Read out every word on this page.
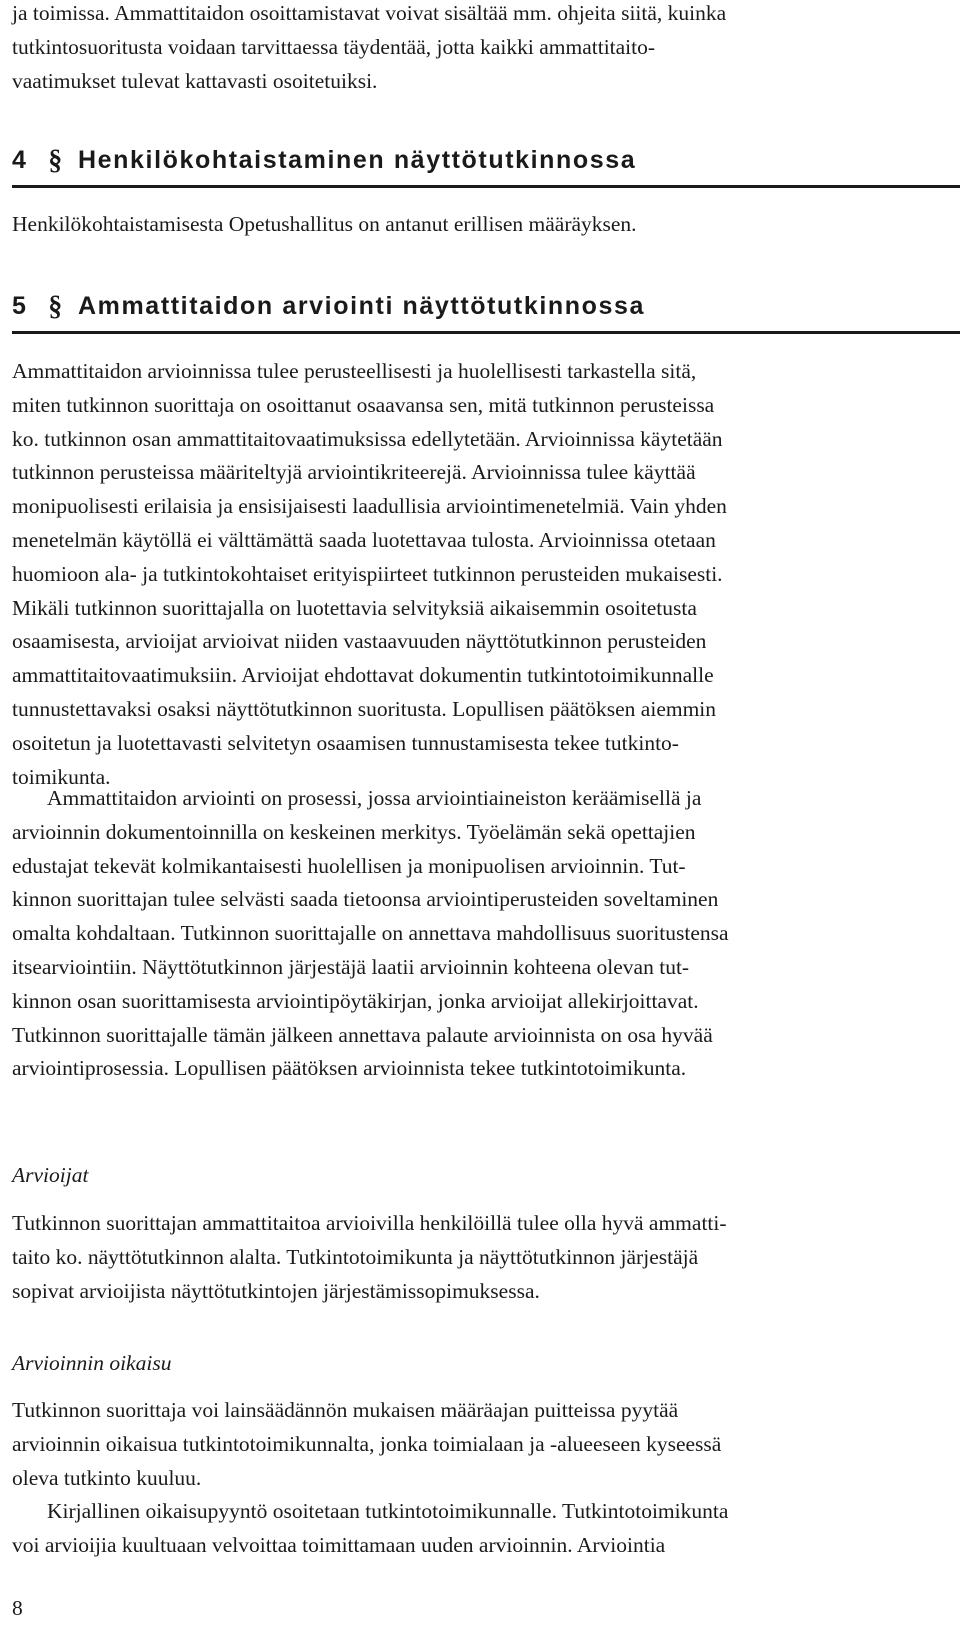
ja toimissa. Ammattitaidon osoittamistavat voivat sisältää mm. ohjeita siitä, kuinka
tutkintosuoritusta voidaan tarvittaessa täydentää, jotta kaikki ammattitaito-
vaatimukset tulevat kattavasti osoitetuiksi.
4 § Henkilökohtaistaminen näyttötutkinnossa
Henkilökohtaistamisesta Opetushallitus on antanut erillisen määräyksen.
5 § Ammattitaidon arviointi näyttötutkinnossa
Ammattitaidon arvioinnissa tulee perusteellisesti ja huolellisesti tarkastella sitä,
miten tutkinnon suorittaja on osoittanut osaavansa sen, mitä tutkinnon perusteissa
ko. tutkinnon osan ammattitaitovaatimuksissa edellytetään. Arvioinnissa käytetään
tutkinnon perusteissa määriteltyjä arviointikriteerejä. Arvioinnissa tulee käyttää
monipuolisesti erilaisia ja ensisijaisesti laadullisia arviointimenetelmiä. Vain yhden
menetelmän käytöllä ei välttämättä saada luotettavaa tulosta. Arvioinnissa otetaan
huomioon ala- ja tutkintokohtaiset erityispiirteet tutkinnon perusteiden mukaisesti.
Mikäli tutkinnon suorittajalla on luotettavia selvityksiä aikaisemmin osoitetusta
osaamisesta, arvioijat arvioivat niiden vastaavuuden näyttötutkinnon perusteiden
ammattitaitovaatimuksiin. Arvioijat ehdottavat dokumentin tutkintotoimikunnalle
tunnustettavaksi osaksi näyttötutkinnon suoritusta. Lopullisen päätöksen aiemmin
osoitetun ja luotettavasti selvitetyn osaamisen tunnustamisesta tekee tutkinto-
toimikunta.
Ammattitaidon arviointi on prosessi, jossa arviointiaineiston keräämisellä ja
arvioinnin dokumentoinnilla on keskeinen merkitys. Työelämän sekä opettajien
edustajat tekevät kolmikantaisesti huolellisen ja monipuolisen arvioinnin. Tut-
kinnon suorittajan tulee selvästi saada tietoonsa arviointiperusteiden soveltaminen
omalta kohdaltaan. Tutkinnon suorittajalle on annettava mahdollisuus suoritustensa
itsearviointiin. Näyttötutkinnon järjestäjä laatii arvioinnin kohteena olevan tut-
kinnon osan suorittamisesta arviointipöytäkirjan, jonka arvioijat allekirjoittavat.
Tutkinnon suorittajalle tämän jälkeen annettava palaute arvioinnista on osa hyvää
arviointiprosessia. Lopullisen päätöksen arvioinnista tekee tutkintotoimikunta.
Arvioijat
Tutkinnon suorittajan ammattitaitoa arvioivilla henkilöillä tulee olla hyvä ammatti-
taito ko. näyttötutkinnon alalta. Tutkintotoimikunta ja näyttötutkinnon järjestäjä
sopivat arvioijista näyttötutkintojen järjestämissopimuksessa.
Arvioinnin oikaisu
Tutkinnon suorittaja voi lainsäädännön mukaisen määräajan puitteissa pyytää
arvioinnin oikaisua tutkintotoimikunnalta, jonka toimialaan ja -alueeseen kyseessä
oleva tutkinto kuuluu.
Kirjallinen oikaisupyyntö osoitetaan tutkintotoimikunnalle. Tutkintotoimikunta
voi arvioijia kuultuaan velvoittaa toimittamaan uuden arvioinnin. Arviointia
8
